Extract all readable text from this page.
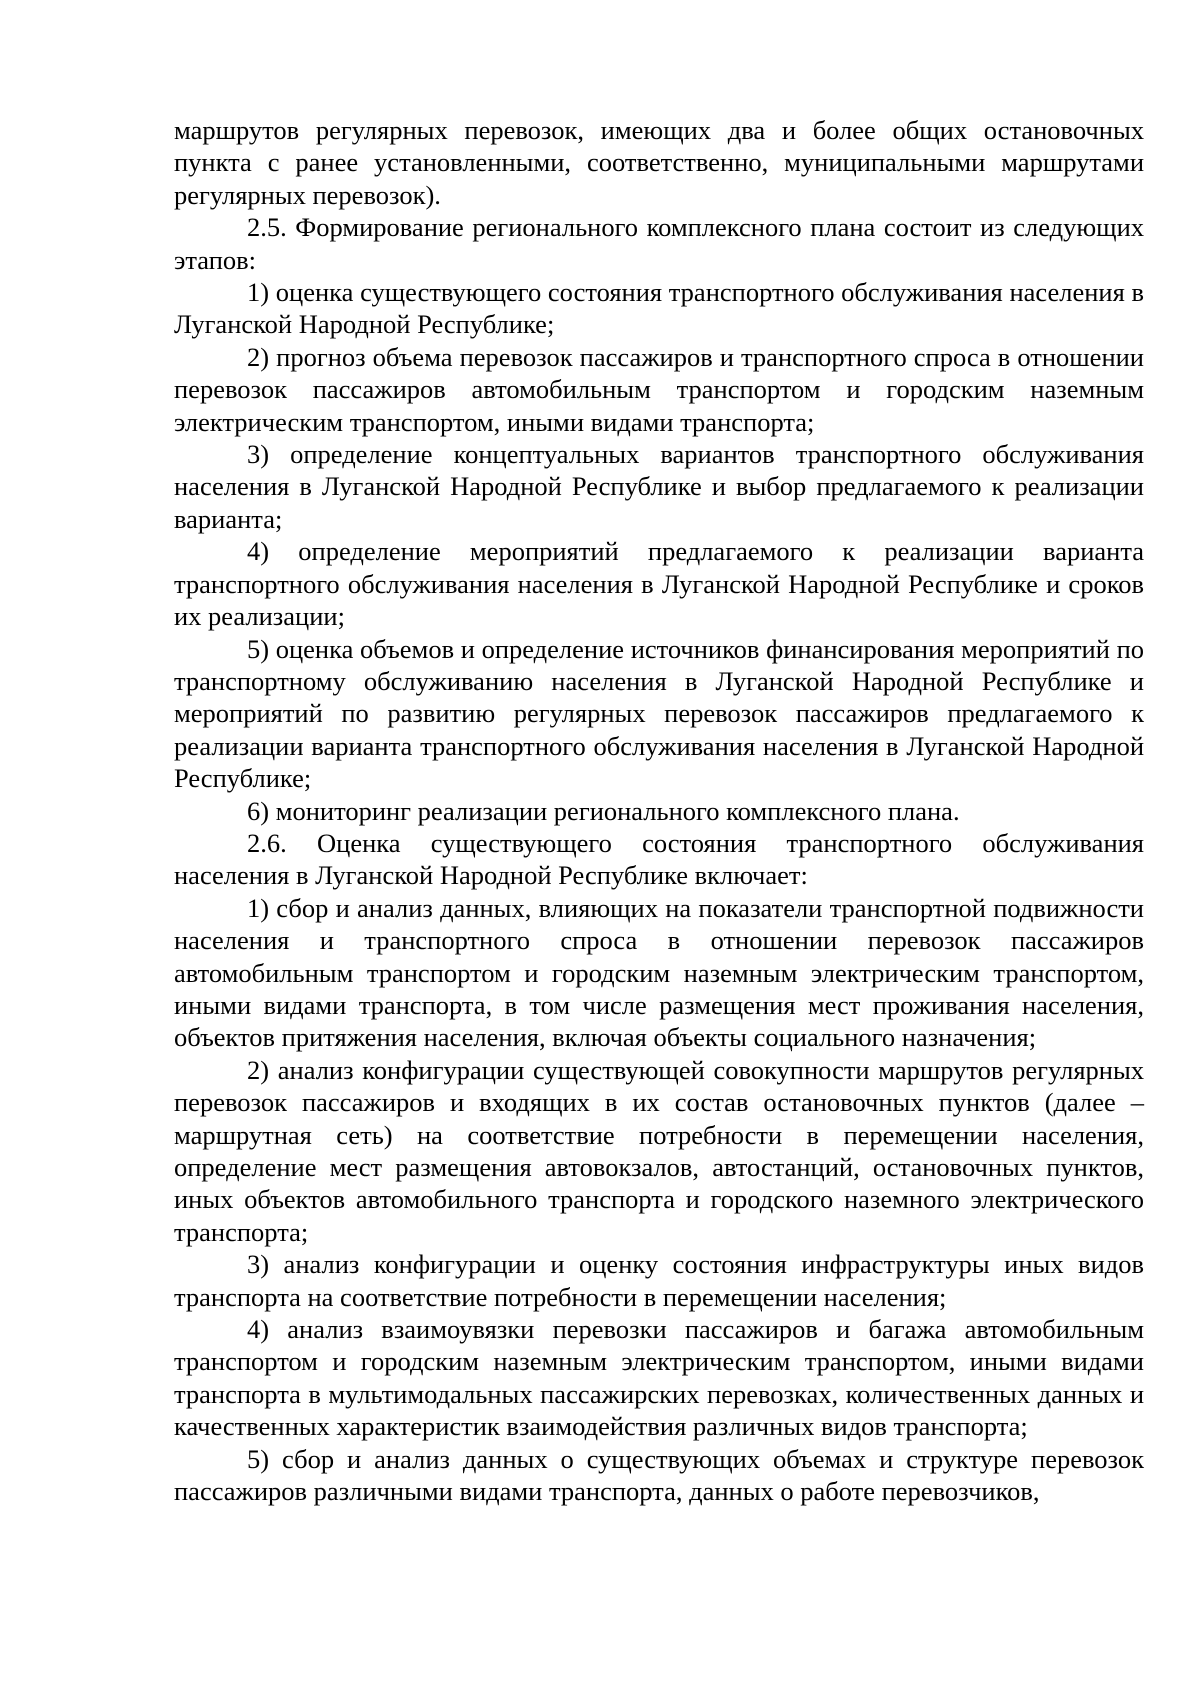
маршрутов регулярных перевозок, имеющих два и более общих остановочных пункта с ранее установленными, соответственно, муниципальными маршрутами регулярных перевозок).

2.5. Формирование регионального комплексного плана состоит из следующих этапов:

1) оценка существующего состояния транспортного обслуживания населения в Луганской Народной Республике;

2) прогноз объема перевозок пассажиров и транспортного спроса в отношении перевозок пассажиров автомобильным транспортом и городским наземным электрическим транспортом, иными видами транспорта;

3) определение концептуальных вариантов транспортного обслуживания населения в Луганской Народной Республике и выбор предлагаемого к реализации варианта;

4) определение мероприятий предлагаемого к реализации варианта транспортного обслуживания населения в Луганской Народной Республике и сроков их реализации;

5) оценка объемов и определение источников финансирования мероприятий по транспортному обслуживанию населения в Луганской Народной Республике и мероприятий по развитию регулярных перевозок пассажиров предлагаемого к реализации варианта транспортного обслуживания населения в Луганской Народной Республике;

6) мониторинг реализации регионального комплексного плана.

2.6. Оценка существующего состояния транспортного обслуживания населения в Луганской Народной Республике включает:

1) сбор и анализ данных, влияющих на показатели транспортной подвижности населения и транспортного спроса в отношении перевозок пассажиров автомобильным транспортом и городским наземным электрическим транспортом, иными видами транспорта, в том числе размещения мест проживания населения, объектов притяжения населения, включая объекты социального назначения;

2) анализ конфигурации существующей совокупности маршрутов регулярных перевозок пассажиров и входящих в их состав остановочных пунктов (далее – маршрутная сеть) на соответствие потребности в перемещении населения, определение мест размещения автовокзалов, автостанций, остановочных пунктов, иных объектов автомобильного транспорта и городского наземного электрического транспорта;

3) анализ конфигурации и оценку состояния инфраструктуры иных видов транспорта на соответствие потребности в перемещении населения;

4) анализ взаимоувязки перевозки пассажиров и багажа автомобильным транспортом и городским наземным электрическим транспортом, иными видами транспорта в мультимодальных пассажирских перевозках, количественных данных и качественных характеристик взаимодействия различных видов транспорта;

5) сбор и анализ данных о существующих объемах и структуре перевозок пассажиров различными видами транспорта, данных о работе перевозчиков,
